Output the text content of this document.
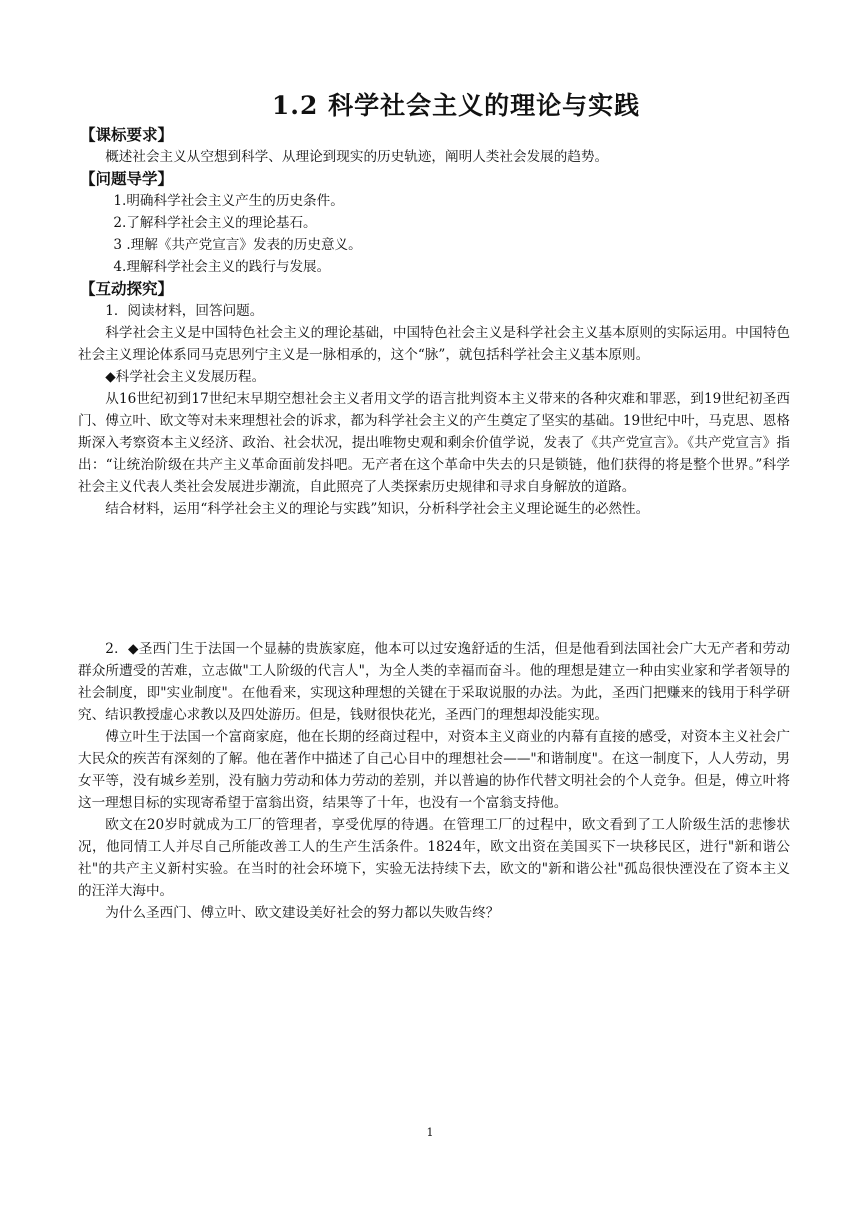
1.2 科学社会主义的理论与实践
【课标要求】

概述社会主义从空想到科学、从理论到现实的历史轨迹，阐明人类社会发展的趋势。

【问题导学】

1.明确科学社会主义产生的历史条件。

2.了解科学社会主义的理论基石。

3 .理解《共产党宣言》发表的历史意义。

4.理解科学社会主义的践行与发展。

【互动探究】

1．阅读材料，回答问题。

科学社会主义是中国特色社会主义的理论基础，中国特色社会主义是科学社会主义基本原则的实际运用。中国特色社会主义理论体系同马克思列宁主义是一脉相承的，这个“脉”，就包括科学社会主义基本原则。

◆科学社会主义发展历程。

从16世纪初到17世纪末早期空想社会主义者用文学的语言批判资本主义带来的各种灾难和罪恶，到19世纪初圣西门、傅立叶、欧文等对未来理想社会的诉求，都为科学社会主义的产生奠定了坚实的基础。19世纪中叶，马克思、恩格斯深入考察资本主义经济、政治、社会状况，提出唯物史观和剩余价值学说，发表了《共产党宣言》。《共产党宣言》指出：“让统治阶级在共产主义革命面前发抖吧。无产者在这个革命中失去的只是锁链，他们获得的将是整个世界。”科学社会主义代表人类社会发展进步潮流，自此照亮了人类探索历史规律和寻求自身解放的道路。

结合材料，运用“科学社会主义的理论与实践”知识，分析科学社会主义理论诞生的必然性。

2．◆圣西门生于法国一个显赫的贵族家庭，他本可以过安逸舒适的生活，但是他看到法国社会广大无产者和劳动群众所遭受的苦难，立志做"工人阶级的代言人"，为全人类的幸福而奋斗。他的理想是建立一种由实业家和学者领导的社会制度，即"实业制度"。在他看来，实现这种理想的关键在于采取说服的办法。为此，圣西门把赚来的钱用于科学研究、结识教授虚心求教以及四处游历。但是，钱财很快花光，圣西门的理想却没能实现。

傅立叶生于法国一个富商家庭，他在长期的经商过程中，对资本主义商业的内幕有直接的感受，对资本主义社会广大民众的疾苦有深刻的了解。他在著作中描述了自己心目中的理想社会——"和谐制度"。在这一制度下，人人劳动，男女平等，没有城乡差别，没有脑力劳动和体力劳动的差别，并以普遍的协作代替文明社会的个人竞争。但是，傅立叶将这一理想目标的实现寄希望于富翁出资，结果等了十年，也没有一个富翁支持他。

欧文在20岁时就成为工厂的管理者，享受优厚的待遇。在管理工厂的过程中，欧文看到了工人阶级生活的悲惨状况，他同情工人并尽自己所能改善工人的生产生活条件。1824年，欧文出资在美国买下一块移民区，进行"新和谐公社"的共产主义新村实验。在当时的社会环境下，实验无法持续下去，欧文的"新和谐公社"孤岛很快湮没在了资本主义的汪洋大海中。

为什么圣西门、傅立叶、欧文建设美好社会的努力都以失败告终？

1
